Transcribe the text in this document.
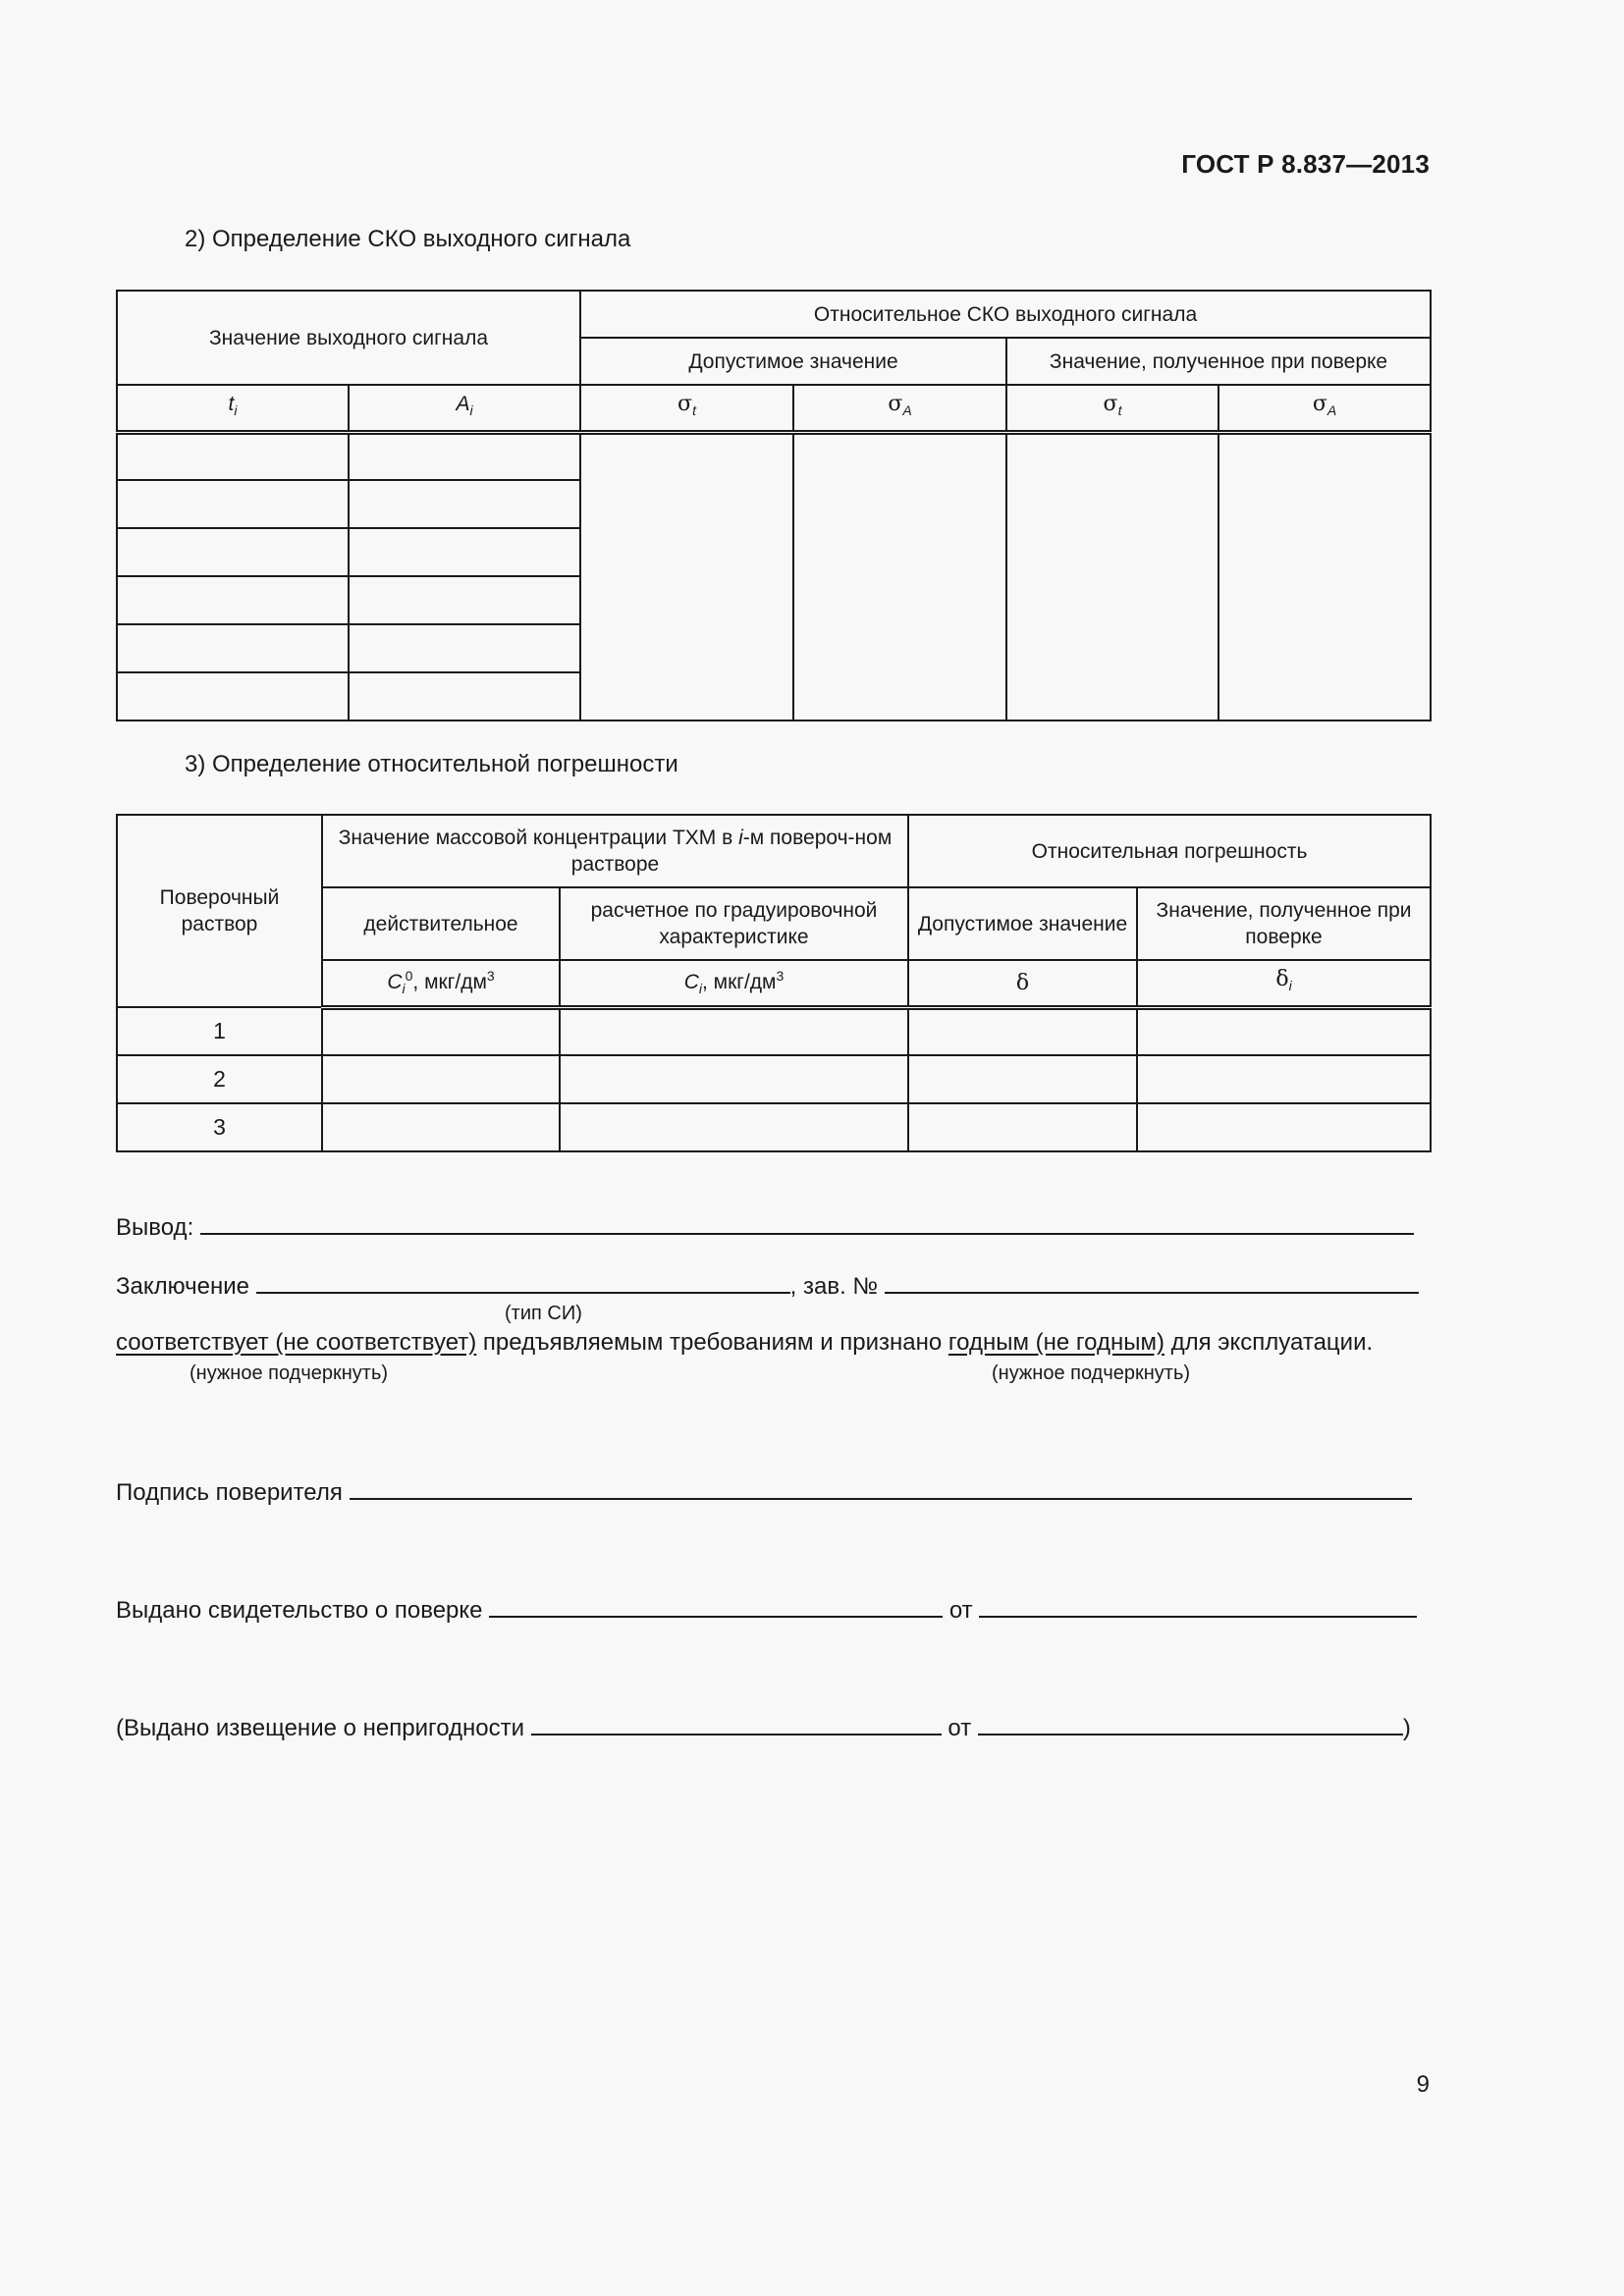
ГОСТ Р 8.837—2013
2) Определение СКО выходного сигнала
Значение выходного сигнала		Относительное СКО выходного сигнала			
		Допустимое значение		Значение, полученное при поверке	
$t_i$	$A_i$	$\sigma_t$	$\sigma_A$	$\sigma_t$	$\sigma_A$

3) Определение относительной погрешности
Поверочный раствор	Значение массовой концентрации ТХМ в i-м повероч-ном растворе		Относительная погрешность	
	действительное	расчетное по градуировочной характеристике	Допустимое значение	Значение, полученное при поверке
	$C_i^0$, мкг/$дм^3$	$C_i$, мкг/$дм^3$	δ	$\delta_i$
1				
2				
3				
Вывод:
Заключение	, зав. №
(тип СИ)
соответствует (не соответствует) предъявляемым требованиям и признано годным (не годным) для эксплуатации.
(нужное подчеркнуть)	(нужное подчеркнуть)
Подпись поверителя
Выдано свидетельство о поверке	от
(Выдано извещение о непригодности	от	)
9
